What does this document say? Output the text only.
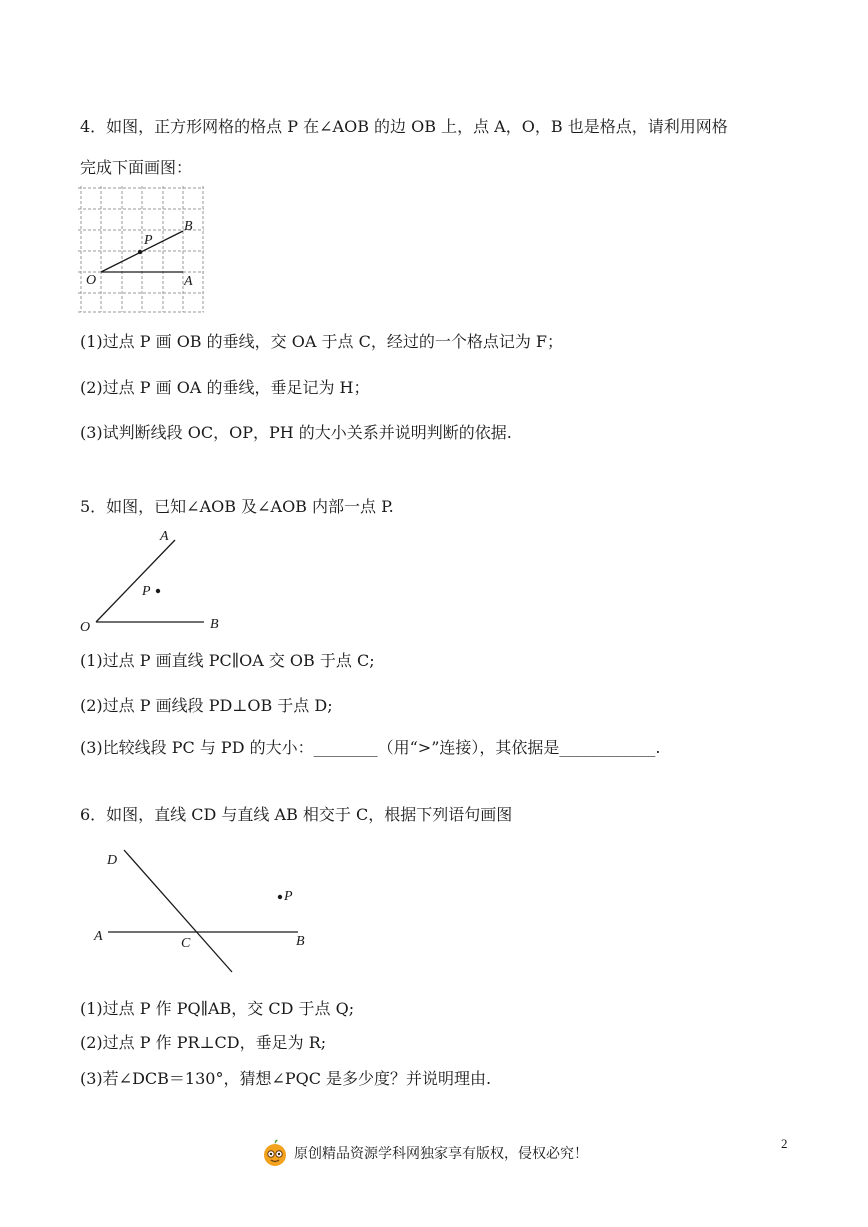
4．如图，正方形网格的格点 P 在∠AOB 的边 OB 上，点 A，O，B 也是格点，请利用网格
完成下面画图：
O	A
B
P
(1)过点 P 画 OB 的垂线，交 OA 于点 C，经过的一个格点记为 F；
(2)过点 P 画 OA 的垂线，垂足记为 H；
(3)试判断线段 OC，OP，PH 的大小关系并说明判断的依据.
5．如图，已知∠AOB 及∠AOB 内部一点 P.
A
P
O	B
(1)过点 P 画直线 PC∥OA 交 OB 于点 C;
(2)过点 P 画线段 PD⊥OB 于点 D;
(3)比较线段 PC 与 PD 的大小：________（用“>”连接），其依据是____________.
6．如图，直线 CD 与直线 AB 相交于 C，根据下列语句画图
D
A	C	B
P
(1)过点 P 作 PQ∥AB，交 CD 于点 Q;
(2)过点 P 作 PR⊥CD，垂足为 R;
(3)若∠DCB＝130°，猜想∠PQC 是多少度？并说明理由.
原创精品资源学科网独家享有版权，侵权必究！
2
